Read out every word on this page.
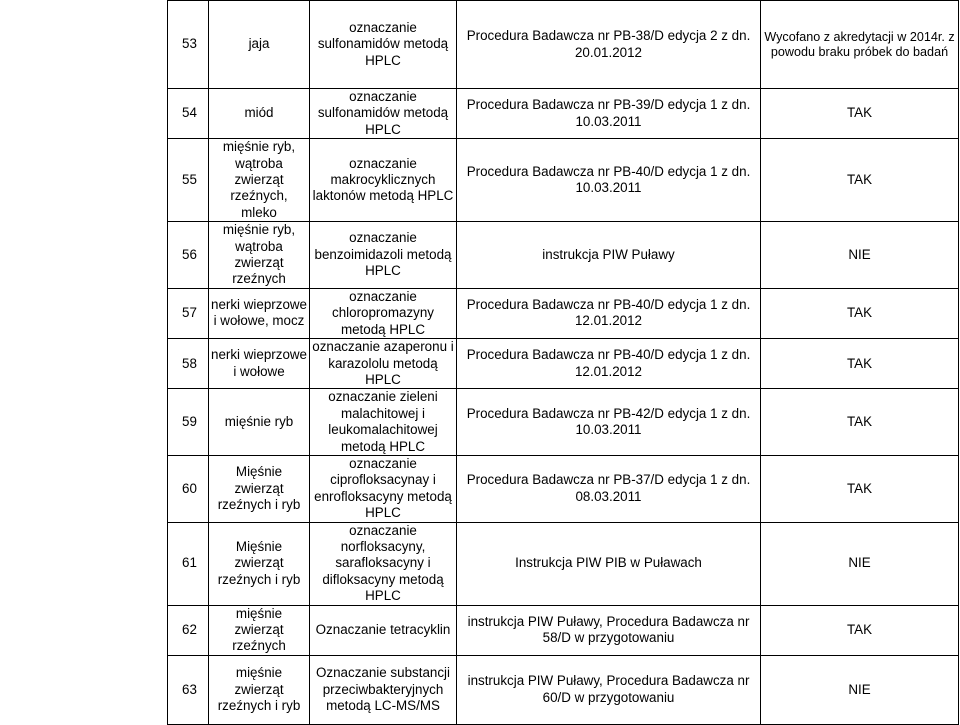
53	jaja	oznaczanie sulfonamidów metodą HPLC	Procedura Badawcza nr PB-38/D edycja 2 z dn. 20.01.2012	Wycofano z akredytacji w 2014r. z powodu braku próbek do badań
54	miód	oznaczanie sulfonamidów metodą HPLC	Procedura Badawcza nr PB-39/D edycja 1 z dn. 10.03.2011	TAK
55	mięśnie ryb, wątroba zwierząt rzeźnych, mleko	oznaczanie makrocyklicznych laktonów metodą HPLC	Procedura Badawcza nr PB-40/D edycja 1 z dn. 10.03.2011	TAK
56	mięśnie ryb, wątroba zwierząt rzeźnych	oznaczanie benzoimidazoli metodą HPLC	instrukcja PIW Puławy	NIE
57	nerki wieprzowe i wołowe, mocz	oznaczanie chloropromazyny metodą HPLC	Procedura Badawcza nr PB-40/D edycja 1 z dn. 12.01.2012	TAK
58	nerki wieprzowe i wołowe	oznaczanie azaperonu i karazololu metodą HPLC	Procedura Badawcza nr PB-40/D edycja 1 z dn. 12.01.2012	TAK
59	mięśnie ryb	oznaczanie zieleni malachitowej i leukomalachitowej metodą HPLC	Procedura Badawcza nr PB-42/D edycja 1 z dn. 10.03.2011	TAK
60	Mięśnie zwierząt rzeźnych i ryb	oznaczanie ciprofloksacynay i enrofloksacyny metodą HPLC	Procedura Badawcza nr PB-37/D edycja 1 z dn. 08.03.2011	TAK
61	Mięśnie zwierząt rzeźnych i ryb	oznaczanie norfloksacyny, sarafloksacyny i difloksacyny metodą HPLC	Instrukcja PIW PIB w Puławach	NIE
62	mięśnie zwierząt rzeźnych	Oznaczanie tetracyklin	instrukcja PIW Puławy, Procedura Badawcza nr 58/D w przygotowaniu	TAK
63	mięśnie zwierząt rzeźnych i ryb	Oznaczanie substancji przeciwbakteryjnych metodą LC-MS/MS	instrukcja PIW Puławy, Procedura Badawcza nr 60/D w przygotowaniu	NIE
